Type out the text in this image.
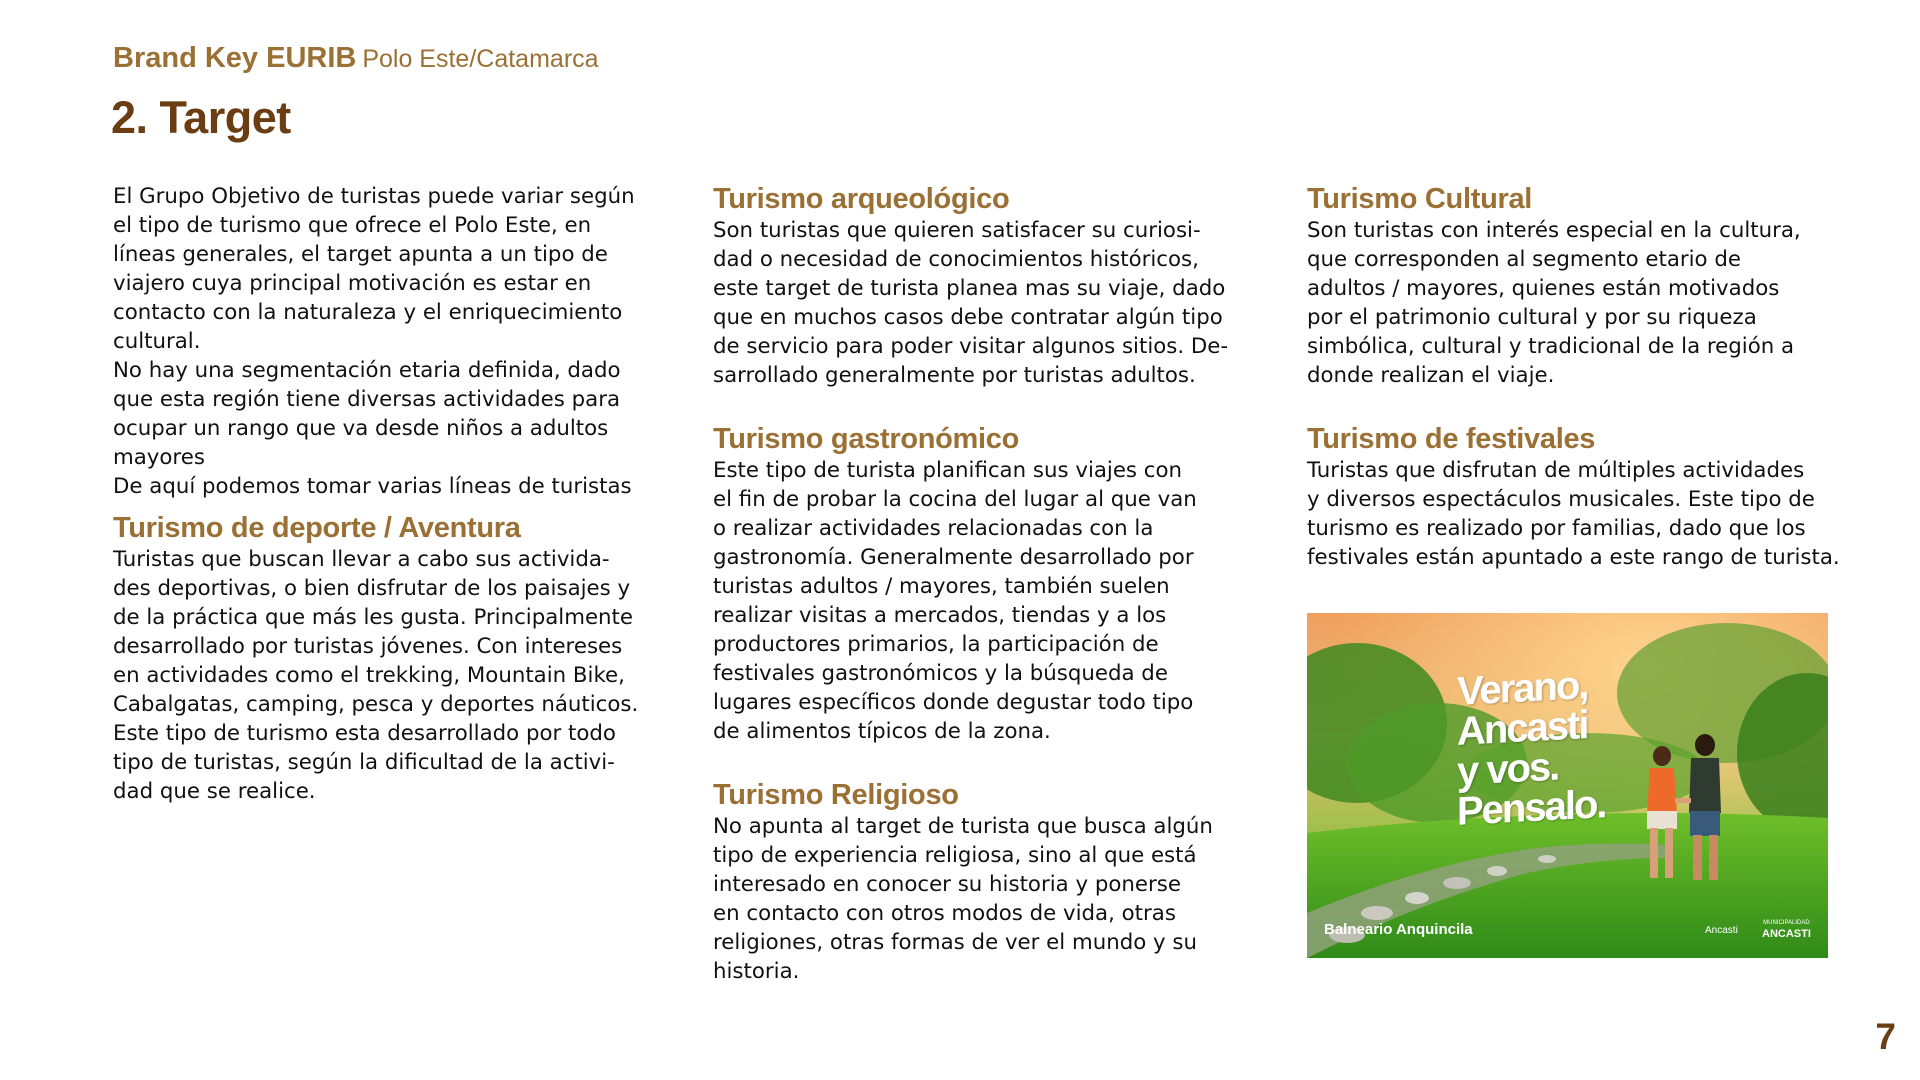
Brand Key EURIB Polo Este/Catamarca
2. Target

El Grupo Objetivo de turistas puede variar según
el tipo de turismo que ofrece el Polo Este, en
líneas generales, el target apunta a un tipo de
viajero cuya principal motivación es estar en
contacto con la naturaleza y el enriquecimiento
cultural.

No hay una segmentación etaria definida, dado
que esta región tiene diversas actividades para
ocupar un rango que va desde niños a adultos
mayores

De aquí podemos tomar varias líneas de turistas

Turismo de deporte / Aventura

Turistas que buscan llevar a cabo sus activida-
des deportivas, o bien disfrutar de los paisajes y
de la práctica que más les gusta. Principalmente
desarrollado por turistas jóvenes. Con intereses
en actividades como el trekking, Mountain Bike,
Cabalgatas, camping, pesca y deportes náuticos.
Este tipo de turismo esta desarrollado por todo
tipo de turistas, según la dificultad de la activi-
dad que se realice.

Turismo arqueológico

Son turistas que quieren satisfacer su curiosi-
dad o necesidad de conocimientos históricos,
este target de turista planea mas su viaje, dado
que en muchos casos debe contratar algún tipo
de servicio para poder visitar algunos sitios. De-
sarrollado generalmente por turistas adultos.

Turismo gastronómico

Este tipo de turista planifican sus viajes con
el fin de probar la cocina del lugar al que van
o realizar actividades relacionadas con la
gastronomía. Generalmente desarrollado por
turistas adultos / mayores, también suelen
realizar visitas a mercados, tiendas y a los
productores primarios, la participación de
festivales gastronómicos y la búsqueda de
lugares específicos donde degustar todo tipo
de alimentos típicos de la zona.

Turismo Religioso

No apunta al target de turista que busca algún
tipo de experiencia religiosa, sino al que está
interesado en conocer su historia y ponerse
en contacto con otros modos de vida, otras
religiones, otras formas de ver el mundo y su
historia.

Turismo Cultural

Son turistas con interés especial en la cultura,
que corresponden al segmento etario de
adultos / mayores, quienes están motivados
por el patrimonio cultural y por su riqueza
simbólica, cultural y tradicional de la región a
donde realizan el viaje.

Turismo de festivales

Turistas que disfrutan de múltiples actividades
y diversos espectáculos musicales. Este tipo de
turismo es realizado por familias, dado que los
festivales están apuntado a este rango de turista.

Verano,
Ancasti
y vos.
Pensalo.
Balneario Anquincila	Ancasti
MUNICIPALIDAD
ANCASTI
7
